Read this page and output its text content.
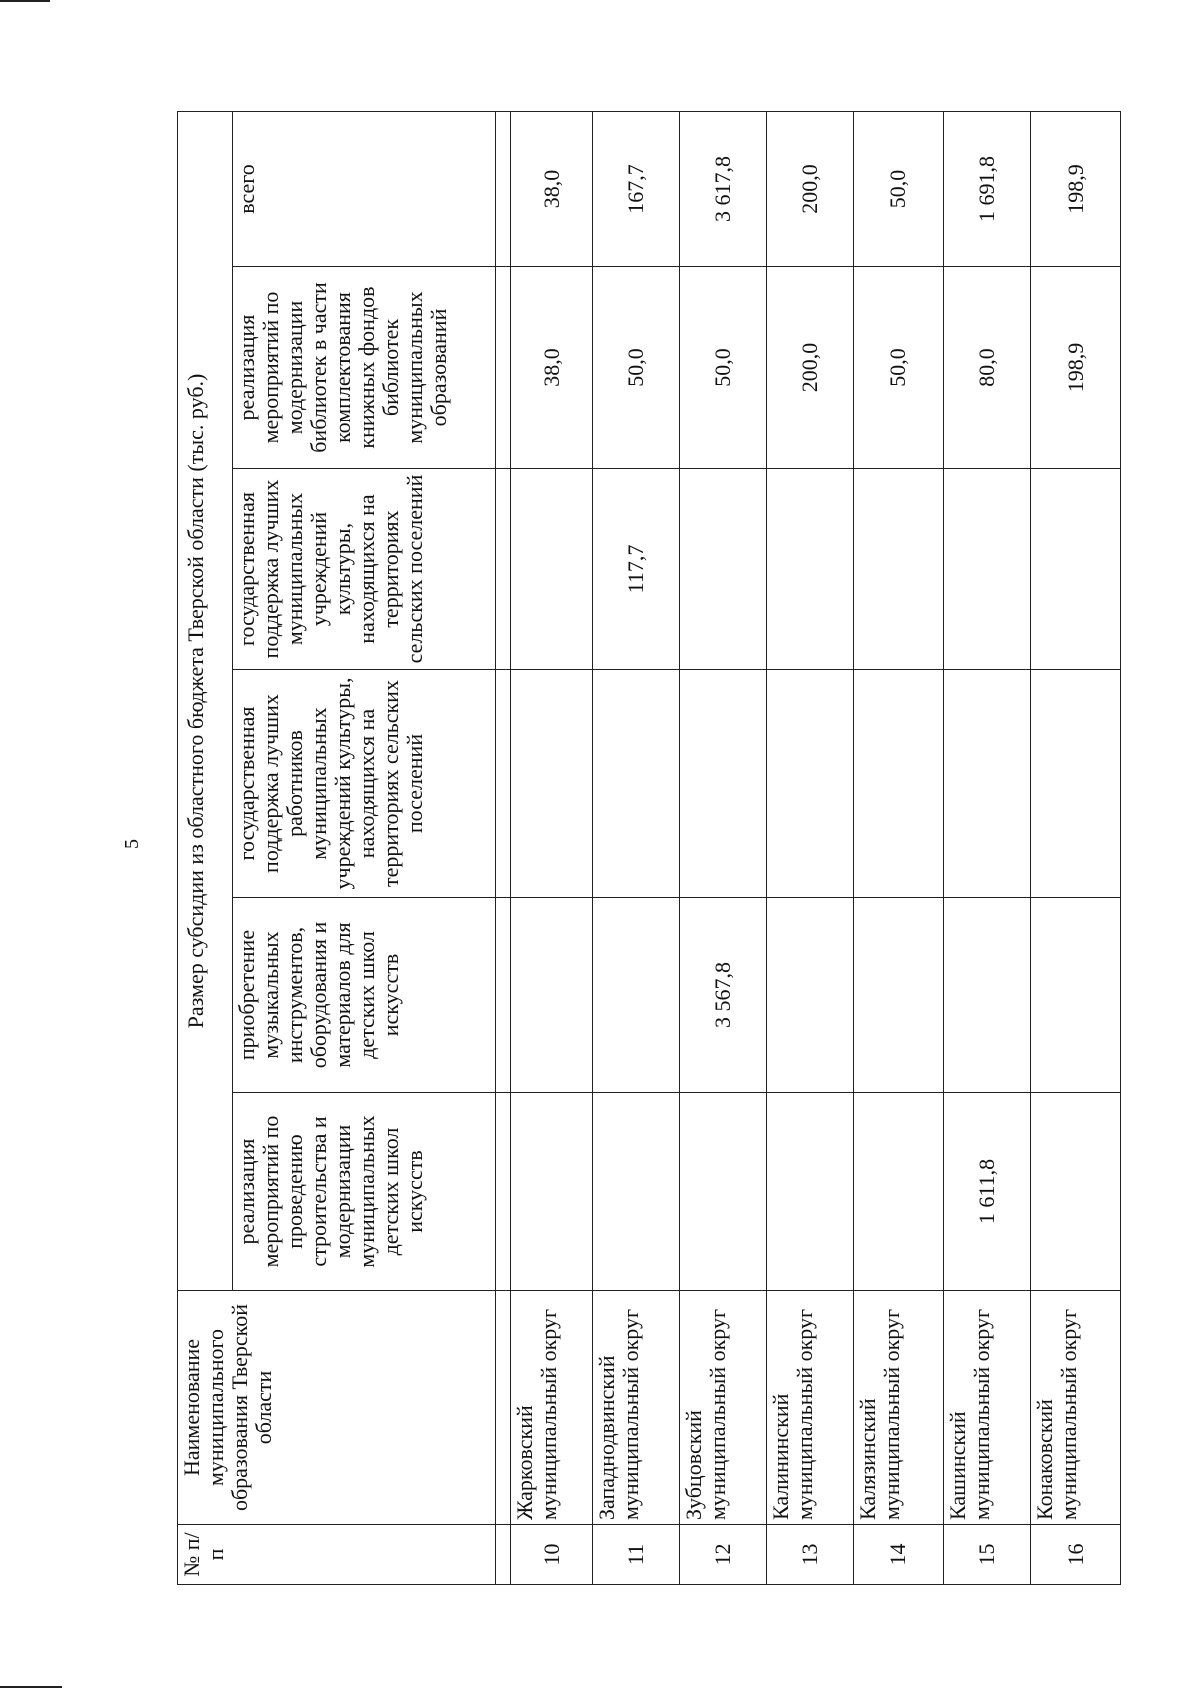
5
№ п/п	Наименование муниципального образования Тверской области	Размер субсидии из областного бюджета Тверской области (тыс. руб.)					
		реализация мероприятий по проведению строительства и модернизации муниципальных детских школ искусств	приобретение музыкальных инструментов, оборудования и материалов для детских школ искусств	государственная поддержка лучших работников муниципальных учреждений культуры, находящихся на территориях сельских поселений	государственная поддержка лучших муниципальных учреждений культуры, находящихся на территориях сельских поселений	реализация мероприятий по модернизации библиотек в части комплектования книжных фондов библиотек муниципальных образований	всего

10	Жарковский муниципальный округ					38,0	38,0
11	Западнодвинский муниципальный округ				117,7	50,0	167,7
12	Зубцовский муниципальный округ		3 567,8			50,0	3 617,8
13	Калининский муниципальный округ					200,0	200,0
14	Калязинский муниципальный округ					50,0	50,0
15	Кашинский муниципальный округ	1 611,8				80,0	1 691,8
16	Конаковский муниципальный округ					198,9	198,9
